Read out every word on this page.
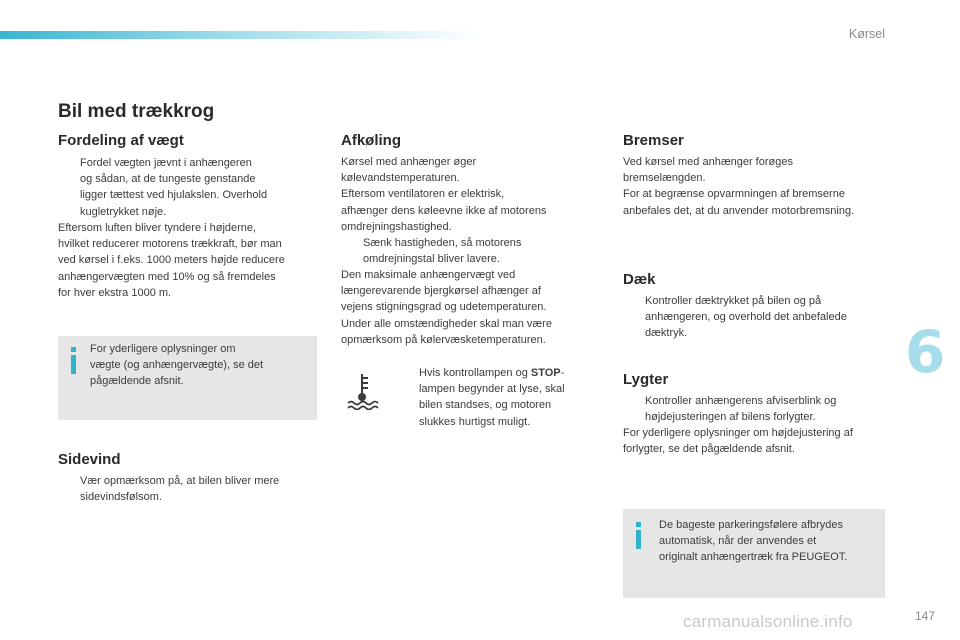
Kørsel
Bil med trækkrog
Fordeling af vægt
Fordel vægten jævnt i anhængeren
og sådan, at de tungeste genstande
ligger tættest ved hjulakslen. Overhold
kugletrykket nøje.
Eftersom luften bliver tyndere i højderne,
hvilket reducerer motorens trækkraft, bør man
ved kørsel i f.eks. 1000 meters højde reducere
anhængervægten med 10% og så fremdeles
for hver ekstra 1000 m.
For yderligere oplysninger om
vægte (og anhængervægte), se det
pågældende afsnit.
Sidevind
Vær opmærksom på, at bilen bliver mere
sidevindsfølsom.
Afkøling
Kørsel med anhænger øger
kølevandstemperaturen.
Eftersom ventilatoren er elektrisk,
afhænger dens køleevne ikke af motorens
omdrejningshastighed.
Sænk hastigheden, så motorens
omdrejningstal bliver lavere.
Den maksimale anhængervægt ved
længerevarende bjergkørsel afhænger af
vejens stigningsgrad og udetemperaturen.
Under alle omstændigheder skal man være
opmærksom på kølervæsketemperaturen.
Hvis kontrollampen og STOP-
lampen begynder at lyse, skal
bilen standses, og motoren
slukkes hurtigst muligt.
Bremser
Ved kørsel med anhænger forøges
bremselængden.
For at begrænse opvarmningen af bremserne
anbefales det, at du anvender motorbremsning.
Dæk
Kontroller dæktrykket på bilen og på
anhængeren, og overhold det anbefalede
dæktryk.
Lygter
Kontroller anhængerens afviserblink og
højdejusteringen af bilens forlygter.
For yderligere oplysninger om højdejustering af
forlygter, se det pågældende afsnit.
De bageste parkeringsfølere afbrydes
automatisk, når der anvendes et
originalt anhængertræk fra PEUGEOT.
6
carmanualsonline.info	147
